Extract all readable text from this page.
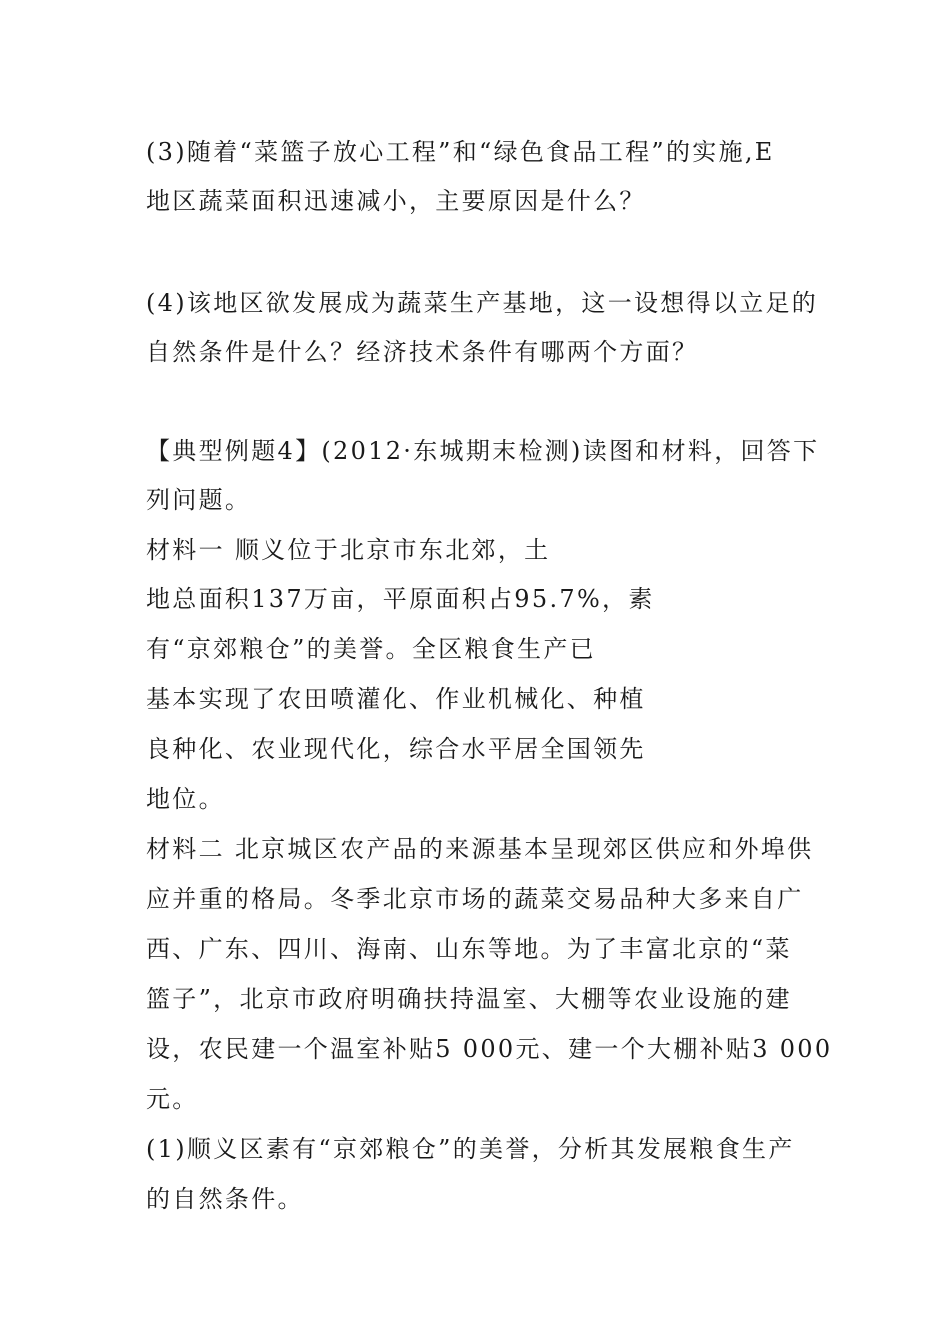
(3)随着“菜篮子放心工程”和“绿色食品工程”的实施,E
地区蔬菜面积迅速减小，主要原因是什么？
(4)该地区欲发展成为蔬菜生产基地，这一设想得以立足的
自然条件是什么？经济技术条件有哪两个方面？
【典型例题4】(2012·东城期末检测)读图和材料，回答下
列问题。
材料一 顺义位于北京市东北郊，土
地总面积137万亩，平原面积占95.7%，素
有“京郊粮仓”的美誉。全区粮食生产已
基本实现了农田喷灌化、作业机械化、种植
良种化、农业现代化，综合水平居全国领先
地位。
材料二 北京城区农产品的来源基本呈现郊区供应和外埠供
应并重的格局。冬季北京市场的蔬菜交易品种大多来自广
西、广东、四川、海南、山东等地。为了丰富北京的“菜
篮子”，北京市政府明确扶持温室、大棚等农业设施的建
设，农民建一个温室补贴5 000元、建一个大棚补贴3 000
元。
(1)顺义区素有“京郊粮仓”的美誉，分析其发展粮食生产
的自然条件。
